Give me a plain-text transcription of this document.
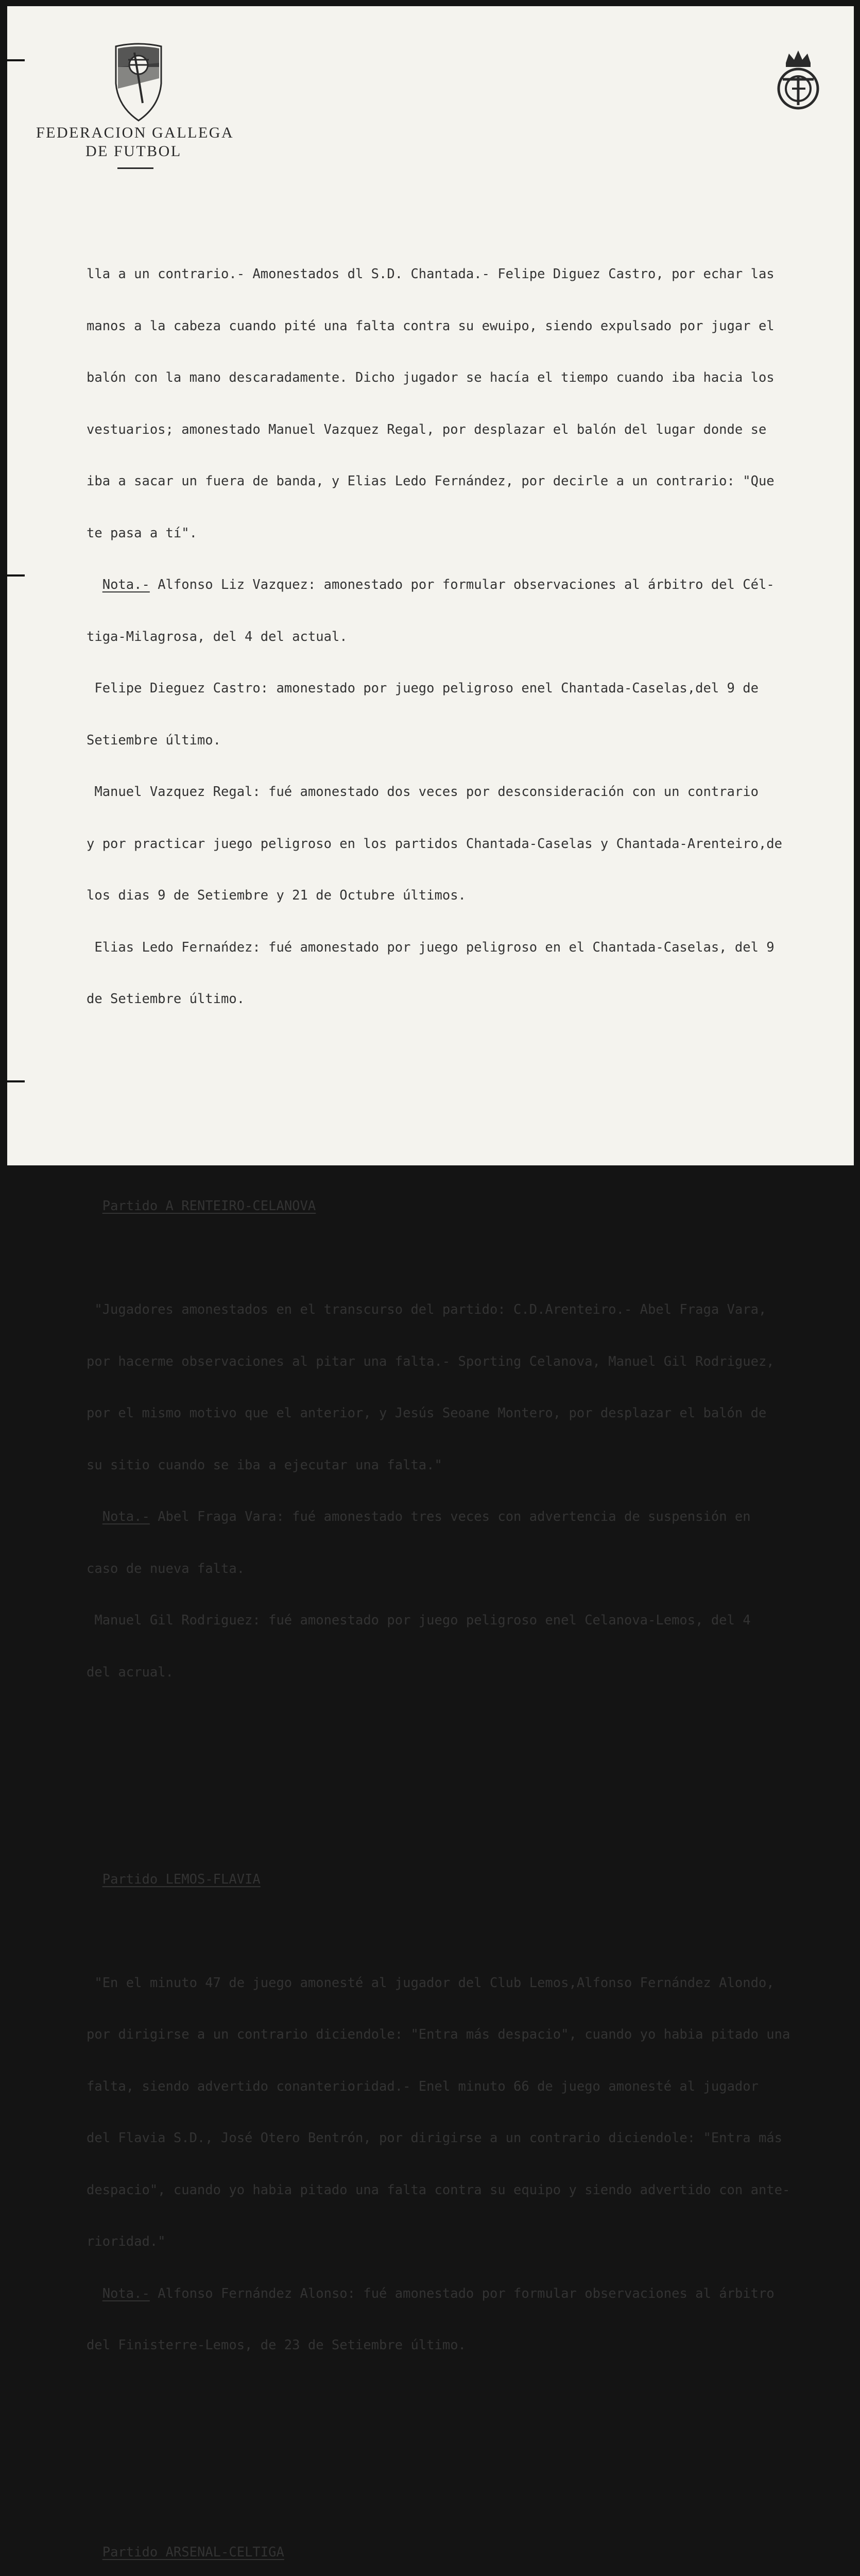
FEDERACION GALLEGA
DE FUTBOL

lla a un contrario.- Amonestados dl S.D. Chantada.- Felipe Diguez Castro, por echar las

manos a la cabeza cuando pité una falta contra su ewuipo, siendo expulsado por jugar el

balón con la mano descaradamente. Dicho jugador se hacía el tiempo cuando iba hacia los

vestuarios; amonestado Manuel Vazquez Regal, por desplazar el balón del lugar donde se

iba a sacar un fuera de banda, y Elias Ledo Fernández, por decirle a un contrario: "Que

te pasa a tí".

Nota.- Alfonso Liz Vazquez: amonestado por formular observaciones al árbitro del Cél-

tiga-Milagrosa, del 4 del actual.

Felipe Dieguez Castro: amonestado por juego peligroso enel Chantada-Caselas,del 9 de

Setiembre último.

Manuel Vazquez Regal: fué amonestado dos veces por desconsideración con un contrario

y por practicar juego peligroso en los partidos Chantada-Caselas y Chantada-Arenteiro,de

los dias 9 de Setiembre y 21 de Octubre últimos.

Elias Ledo Fernańdez: fué amonestado por juego peligroso en el Chantada-Caselas, del 9

de Setiembre último.

Partido A RENTEIRO-CELANOVA

"Jugadores amonestados en el transcurso del partido: C.D.Arenteiro.- Abel Fraga Vara,

por hacerme observaciones al pitar una falta.- Sporting Celanova, Manuel Gil Rodriguez,

por el mismo motivo que el anterior, y Jesús Seoane Montero, por desplazar el balón de

su sitio cuando se iba a ejecutar una falta."

Nota.- Abel Fraga Vara: fué amonestado tres veces con advertencia de suspensión en

caso de nueva falta.

Manuel Gil Rodriguez: fué amonestado por juego peligroso enel Celanova-Lemos, del 4

del acrual.

Partido LEMOS-FLAVIA

"En el minuto 47 de juego amonesté al jugador del Club Lemos,Alfonso Fernández Alondo,

por dirigirse a un contrario diciendole: "Entra más despacio", cuando yo habia pitado una

falta, siendo advertido conanterioridad.- Enel minuto 66 de juego amonesté al jugador

del Flavia S.D., José Otero Bentrón, por dirigirse a un contrario diciendole: "Entra más

despacio", cuando yo habia pitado una falta contra su equipo y siendo advertido con ante-

rioridad."

Nota.- Alfonso Fernández Alonso: fué amonestado por formular observaciones al árbitro

del Finisterre-Lemos, de 23 de Setiembre último.

Partido ARSENAL-CELTIGA
